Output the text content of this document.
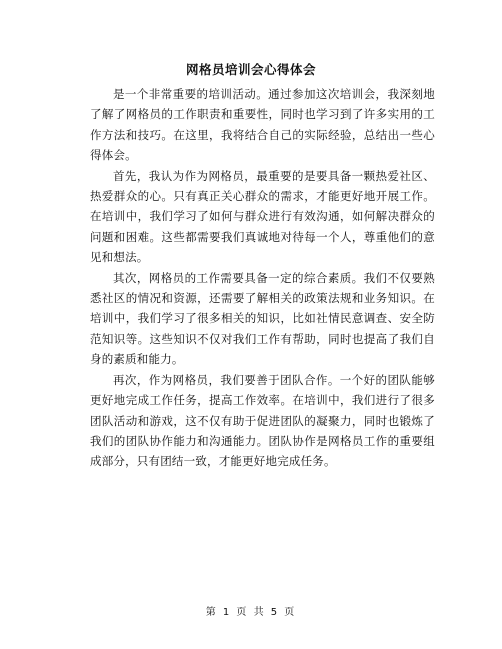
网格员培训会心得体会

是一个非常重要的培训活动。通过参加这次培训会，我深刻地了解了网格员的工作职责和重要性，同时也学习到了许多实用的工作方法和技巧。在这里，我将结合自己的实际经验，总结出一些心得体会。

首先，我认为作为网格员，最重要的是要具备一颗热爱社区、热爱群众的心。只有真正关心群众的需求，才能更好地开展工作。在培训中，我们学习了如何与群众进行有效沟通，如何解决群众的问题和困难。这些都需要我们真诚地对待每一个人，尊重他们的意见和想法。

其次，网格员的工作需要具备一定的综合素质。我们不仅要熟悉社区的情况和资源，还需要了解相关的政策法规和业务知识。在培训中，我们学习了很多相关的知识，比如社情民意调查、安全防范知识等。这些知识不仅对我们工作有帮助，同时也提高了我们自身的素质和能力。

再次，作为网格员，我们要善于团队合作。一个好的团队能够更好地完成工作任务，提高工作效率。在培训中，我们进行了很多团队活动和游戏，这不仅有助于促进团队的凝聚力，同时也锻炼了我们的团队协作能力和沟通能力。团队协作是网格员工作的重要组成部分，只有团结一致，才能更好地完成任务。

第 1 页 共 5 页
